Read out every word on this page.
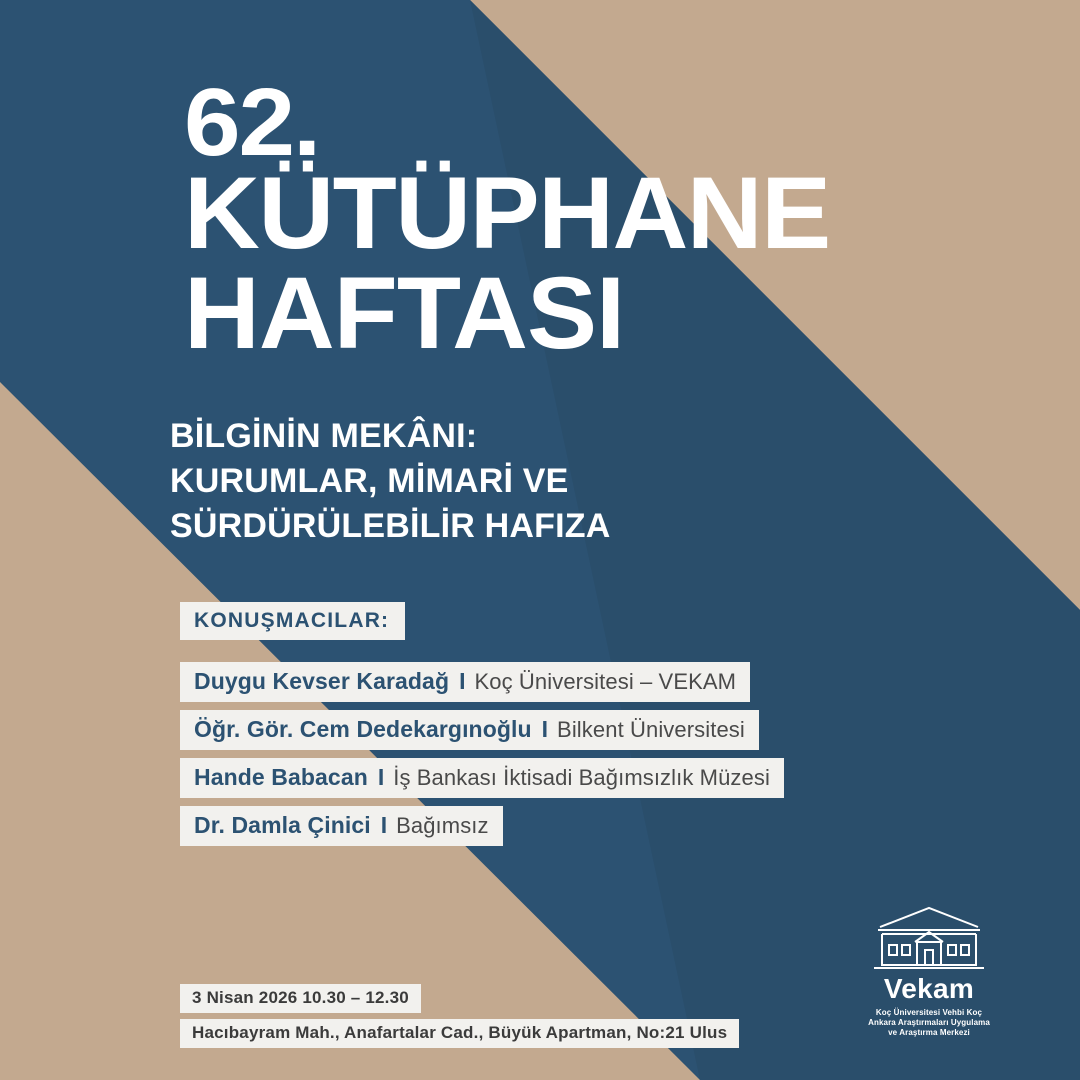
62.
KÜTÜPHANE
HAFTASI
BİLGİNİN MEKÂNI:
KURUMLAR, MİMARİ VE
SÜRDÜRÜLEBİLİR HAFIZA
KONUŞMACILAR:
Duygu Kevser Karadağ I Koç Üniversitesi – VEKAM
Öğr. Gör. Cem Dedekargınoğlu I Bilkent Üniversitesi
Hande Babacan I İş Bankası İktisadi Bağımsızlık Müzesi
Dr. Damla Çinici I Bağımsız
3 Nisan 2026 10.30 – 12.30
Hacıbayram Mah., Anafartalar Cad., Büyük Apartman, No:21 Ulus
Vekam
Koç Üniversitesi Vehbi Koç
Ankara Araştırmaları Uygulama
ve Araştırma Merkezi
